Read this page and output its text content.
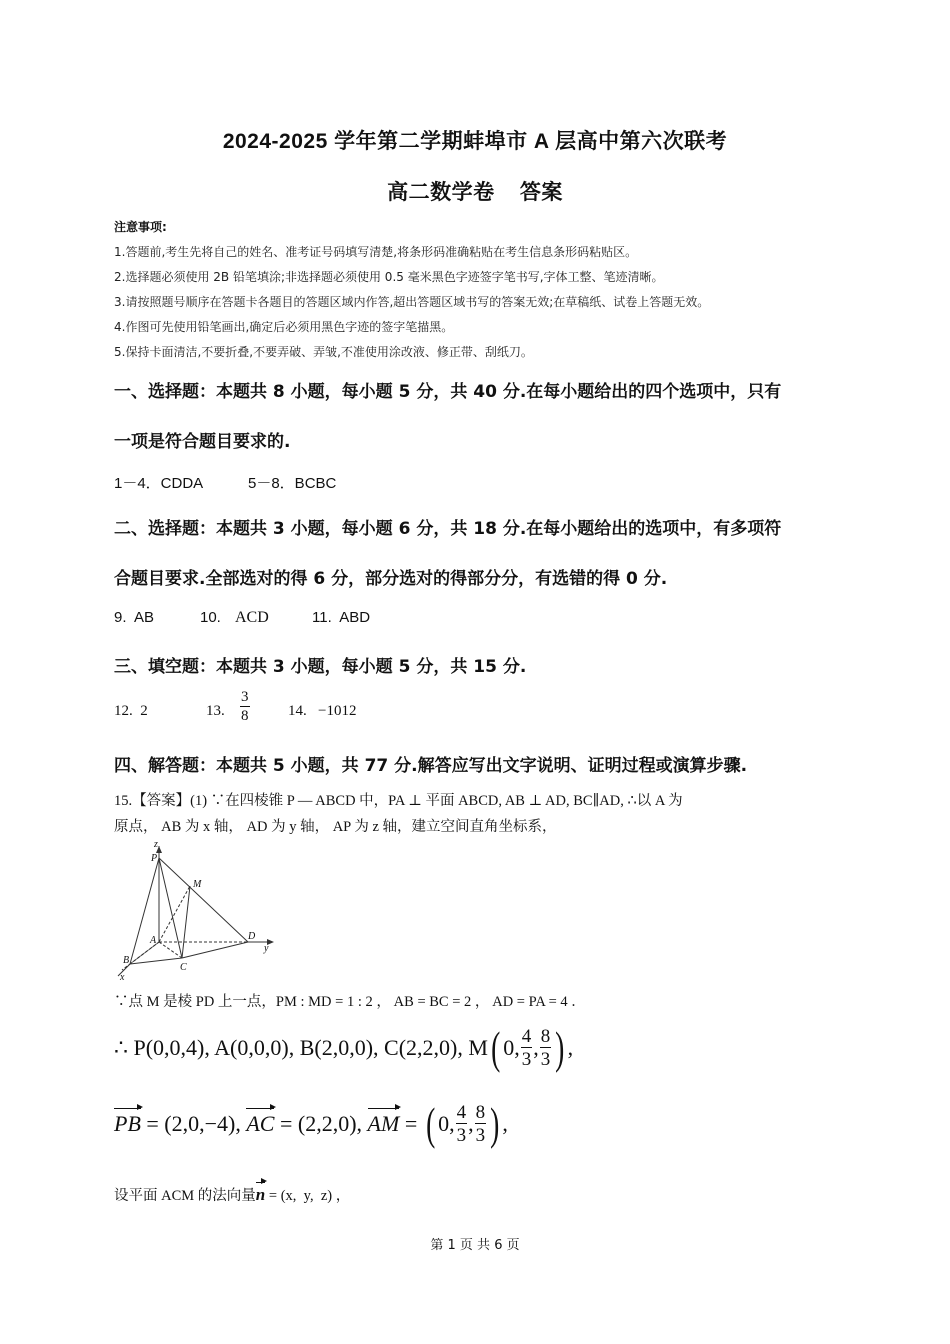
2024-2025 学年第二学期蚌埠市 A 层高中第六次联考
高二数学卷    答案
注意事项:
1.答题前,考生先将自己的姓名、准考证号码填写清楚,将条形码准确粘贴在考生信息条形码粘贴区。
2.选择题必须使用 2B 铅笔填涂;非选择题必须使用 0.5 毫米黑色字迹签字笔书写,字体工整、笔迹清晰。
3.请按照题号顺序在答题卡各题目的答题区域内作答,超出答题区域书写的答案无效;在草稿纸、试卷上答题无效。
4.作图可先使用铅笔画出,确定后必须用黑色字迹的签字笔描黑。
5.保持卡面清洁,不要折叠,不要弄破、弄皱,不准使用涂改液、修正带、刮纸刀。
一、选择题：本题共 8 小题，每小题 5 分，共 40 分.在每小题给出的四个选项中，只有
一项是符合题目要求的.
1－4．CDDA	5－8．BCBC
二、选择题：本题共 3 小题，每小题 6 分，共 18 分.在每小题给出的选项中，有多项符
合题目要求.全部选对的得 6 分，部分选对的得部分分，有选错的得 0 分.
9.  AB	10. ACD	11.  ABD
三、填空题：本题共 3 小题，每小题 5 分，共 15 分.
12.  2	13. $\frac{3}{8}$	14.   −1012
四、解答题：本题共 5 小题，共 77 分.解答应写出文字说明、证明过程或演算步骤.
15.【答案】(1) ∵在四棱锥 P — ABCD 中，PA ⊥ 平面 ABCD, AB ⊥ AD, BC∥AD, ∴以 A 为
原点， AB 为 x 轴， AD 为 y 轴， AP 为 z 轴，建立空间直角坐标系，
z
P
M
A	D
y
B
C
x
∵点 M 是棱 PD 上一点，PM : MD = 1 : 2 ， AB = BC = 2 ， AD = PA = 4 ．
∴ P(0,0,4), A(0,0,0), B(2,0,0), C(2,2,0), M ( 0, $\frac{4}{3}$ , $\frac{8}{3}$ ) ,
PB = (2,0,−4), AC = (2,2,0), AM = ( 0, $\frac{4}{3}$ , $\frac{8}{3}$ ) ,
设平面 ACM 的法向量n = (x,  y,  z) ，
第 1 页 共 6 页
